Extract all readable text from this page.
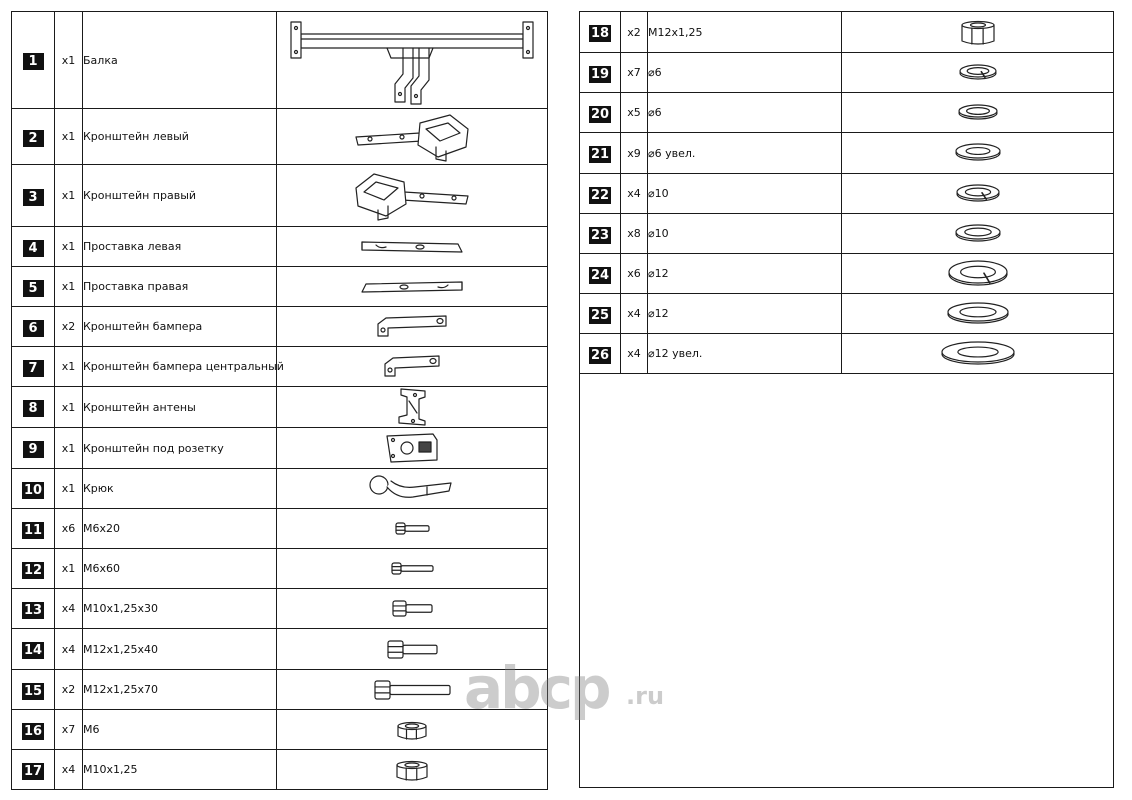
1	x1	Балка	

2	x1	Кронштейн левый	

3	x1	Кронштейн правый	

4	x1	Проставка левая	

5	x1	Проставка правая	

6	x2	Кронштейн бампера	

7	x1	Кронштейн бампера центральный	

8	x1	Кронштейн антены	

9	x1	Кронштейн под розетку	

10	x1	Крюк	

11	x6	M6x20	

12	x1	M6x60	

13	x4	M10x1,25x30	

14	x4	M12x1,25x40	

15	x2	M12x1,25x70	

16	x7	M6	

17	x4	M10x1,25	
18	x2	M12x1,25	

19	x7	⌀6	

20	x5	⌀6	

21	x9	⌀6 увел.	

22	x4	⌀10	

23	x8	⌀10	

24	x6	⌀12	

25	x4	⌀12	

26	x4	⌀12 увел.	

abcp .ru
